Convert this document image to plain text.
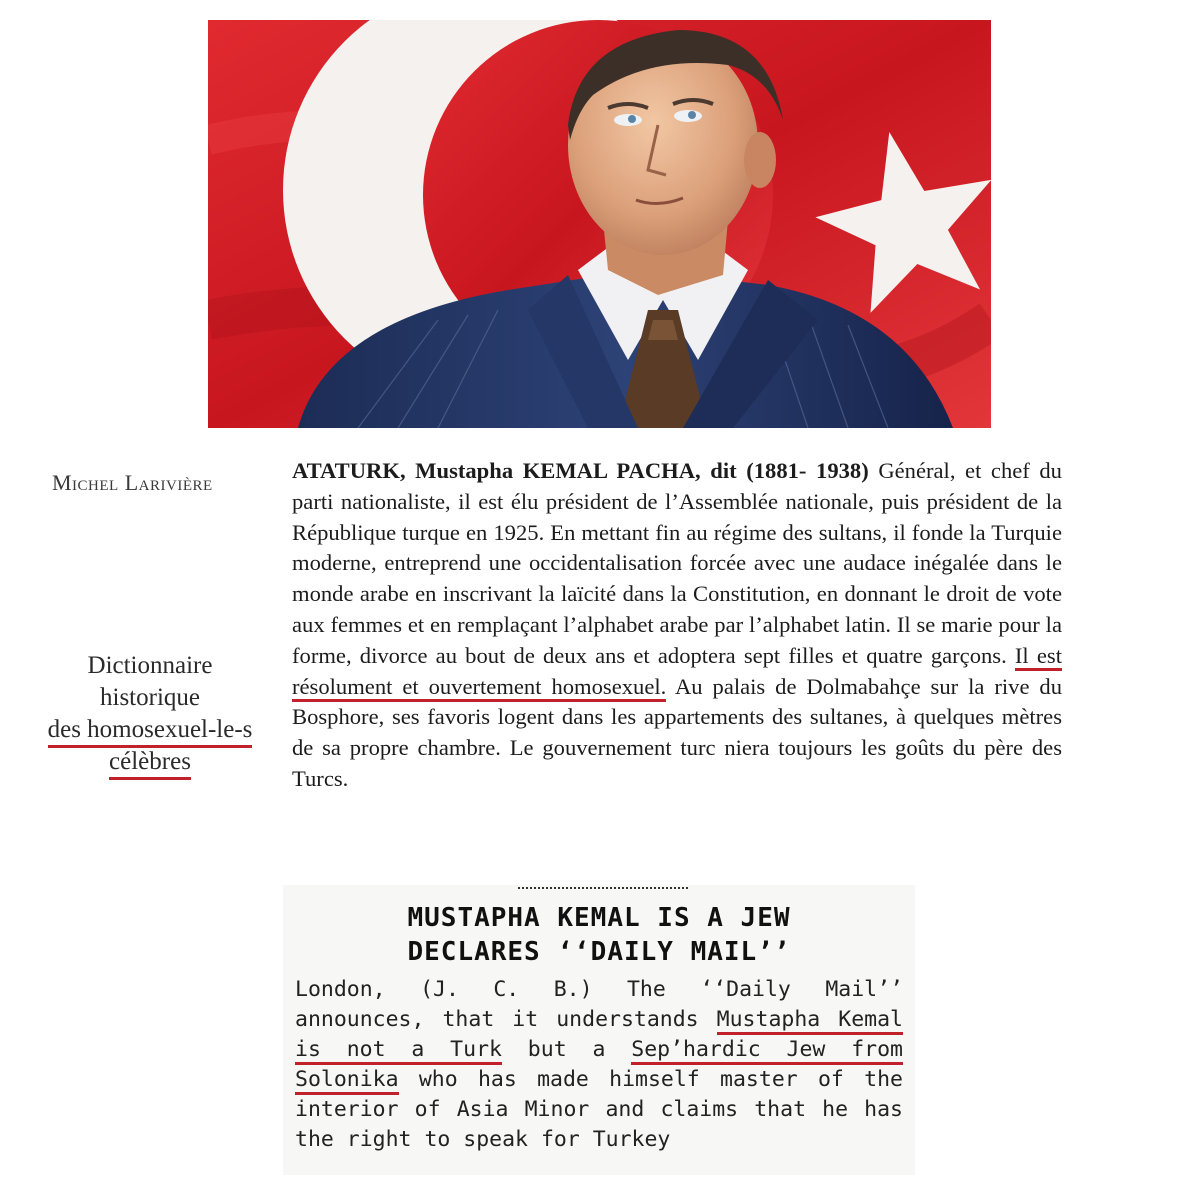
Michel Larivière
Dictionnaire
historique
des homosexuel-le-s
célèbres
ATATURK, Mustapha KEMAL PACHA, dit (1881- 1938) Général, et chef du parti nationaliste, il est élu président de l’Assemblée nationale, puis président de la République turque en 1925. En mettant fin au régime des sultans, il fonde la Turquie moderne, entreprend une occidentalisation forcée avec une audace inégalée dans le monde arabe en inscrivant la laïcité dans la Constitution, en donnant le droit de vote aux femmes et en remplaçant l’alphabet arabe par l’alphabet latin. Il se marie pour la forme, divorce au bout de deux ans et adoptera sept filles et quatre garçons. Il est résolument et ouvertement homosexuel. Au palais de Dolmabahçe sur la rive du Bosphore, ses favoris logent dans les appartements des sultanes, à quelques mètres de sa propre chambre. Le gouvernement turc niera toujours les goûts du père des Turcs.
MUSTAPHA KEMAL IS A JEW
DECLARES ‘‘DAILY MAIL’’
London, (J. C. B.) The ‘‘Daily Mail’’ announces, that it understands Mustapha Kemal is not a Turk but a Sep’hardic Jew from Solonika who has made himself master of the interior of Asia Minor and claims that he has the right to speak for Turkey
